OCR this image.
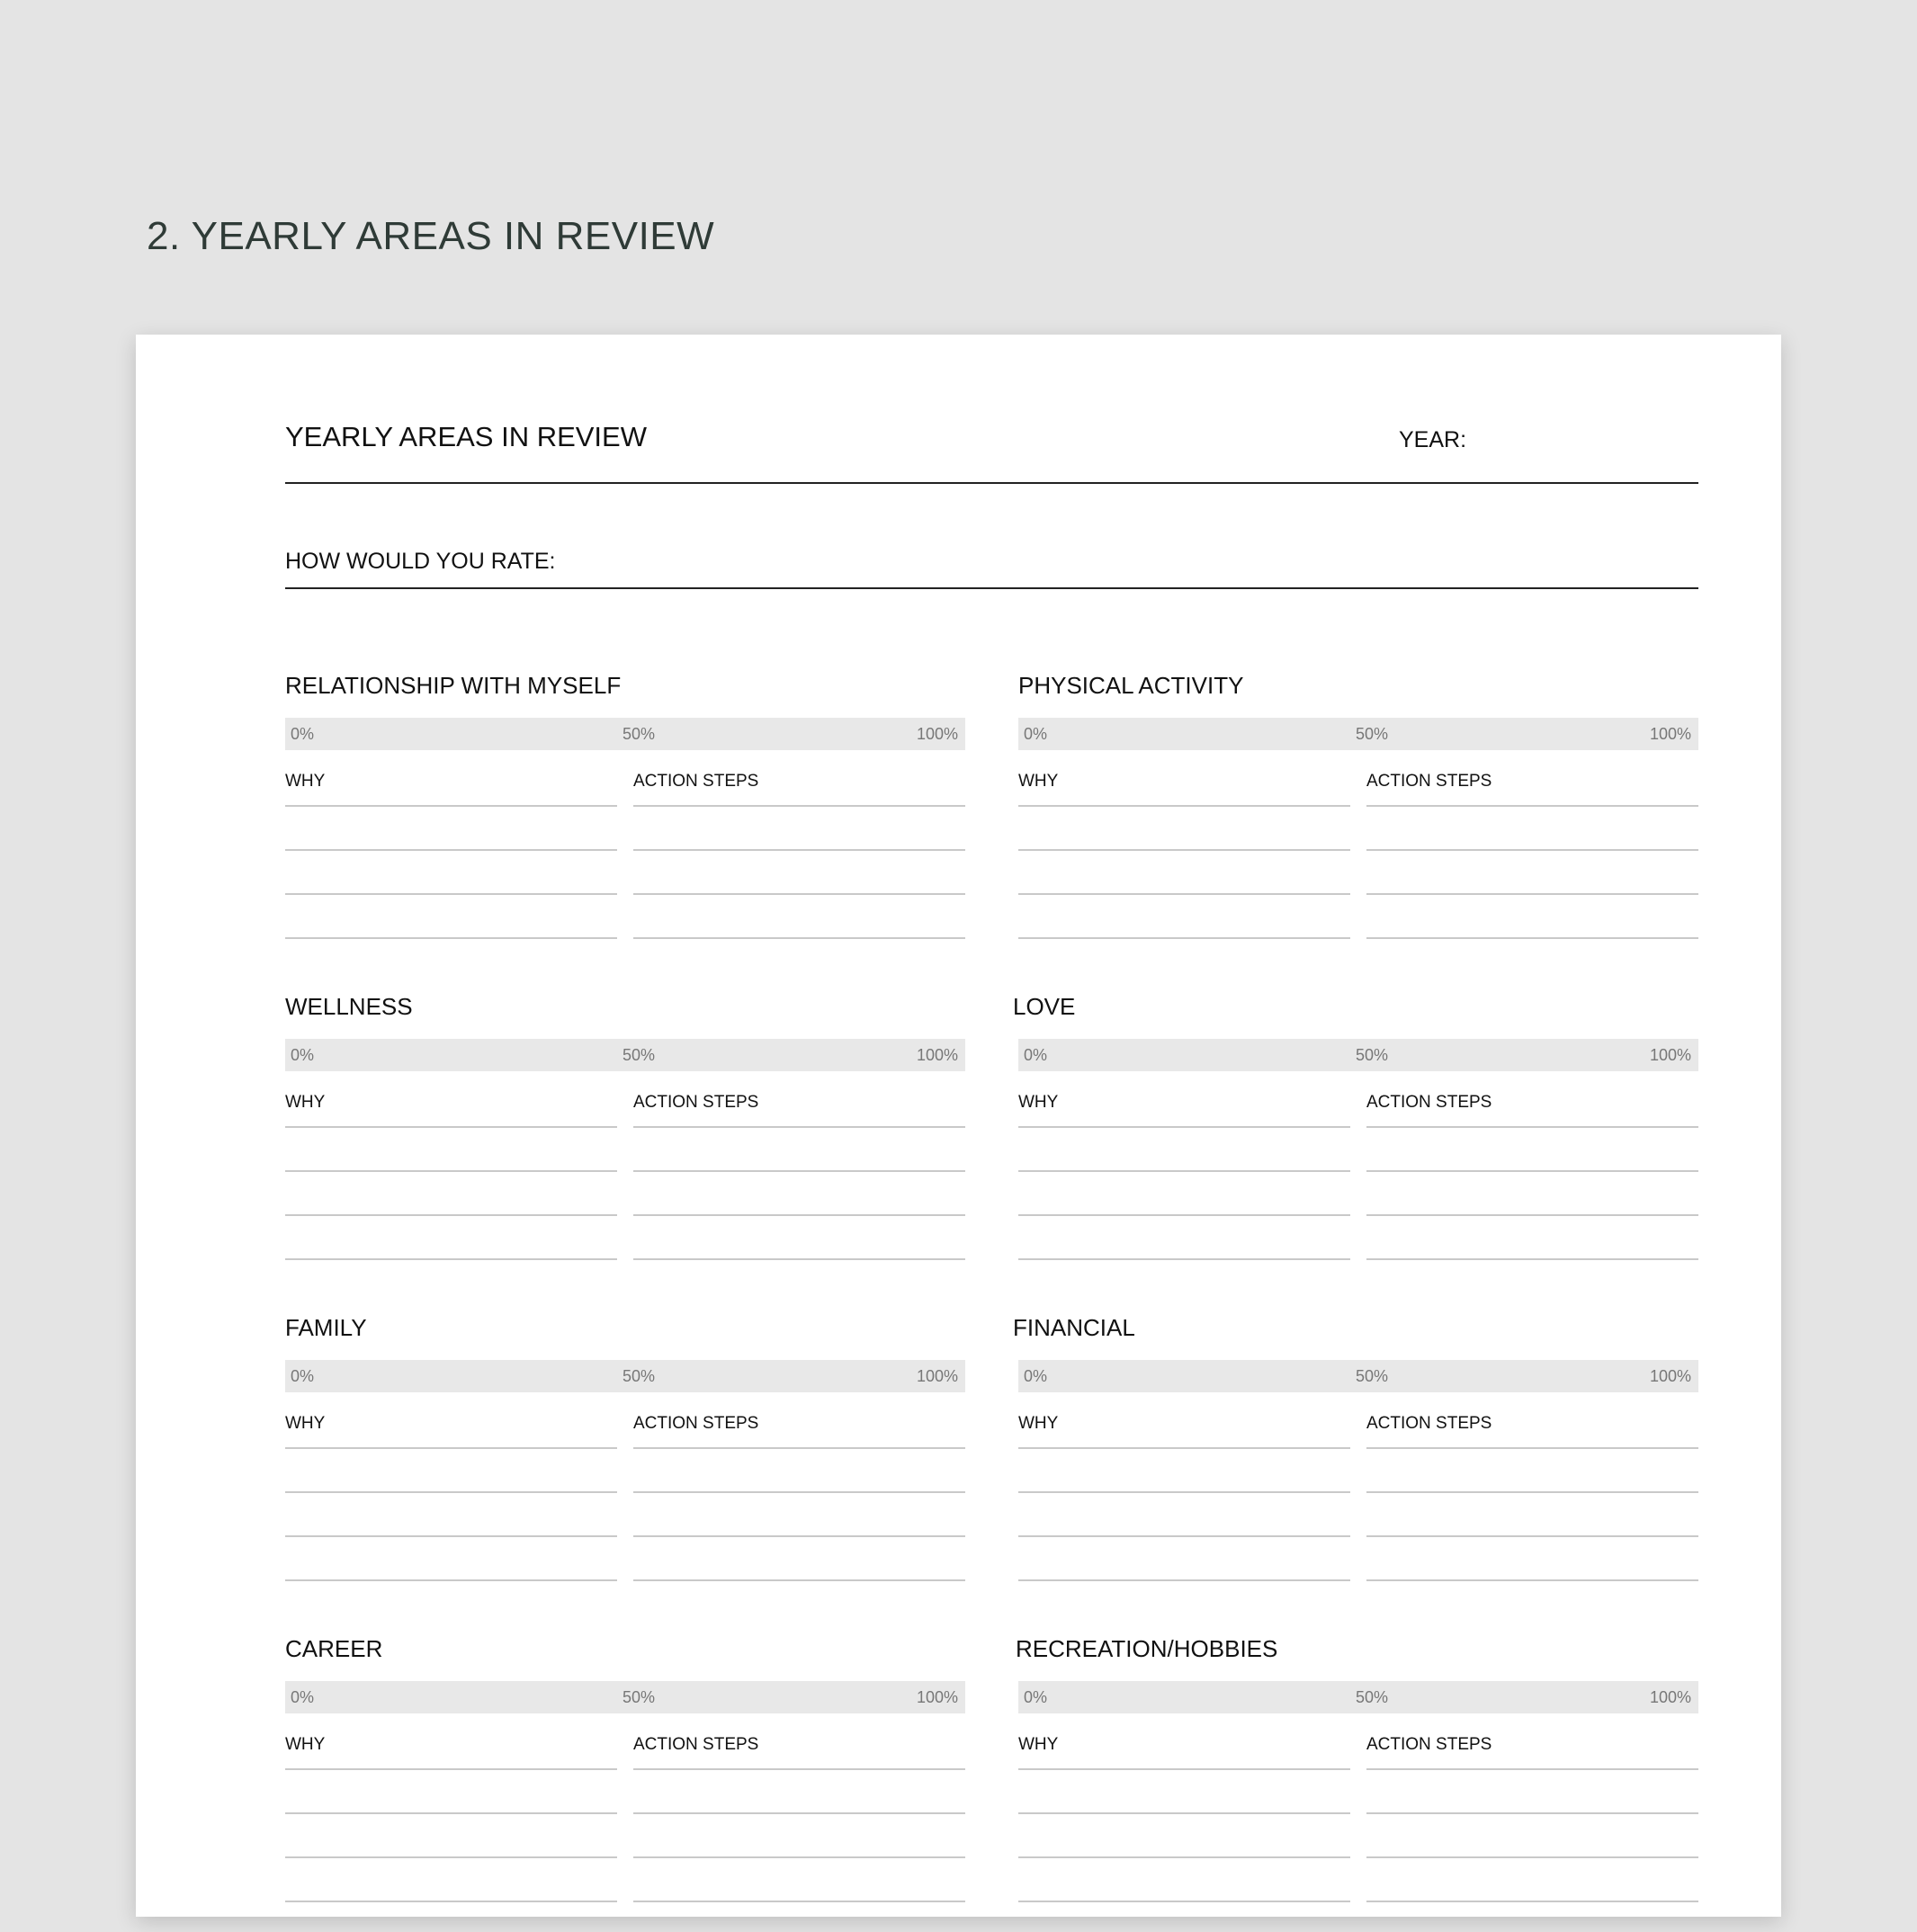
2. YEARLY AREAS IN REVIEW
YEARLY AREAS IN REVIEW	YEAR:
HOW WOULD YOU RATE:
RELATIONSHIP WITH MYSELF
0%	50%	100%
WHY	ACTION STEPS
PHYSICAL ACTIVITY
0%	50%	100%
WHY	ACTION STEPS
WELLNESS
0%	50%	100%
WHY	ACTION STEPS
LOVE
0%	50%	100%
WHY	ACTION STEPS
FAMILY
0%	50%	100%
WHY	ACTION STEPS
FINANCIAL
0%	50%	100%
WHY	ACTION STEPS
CAREER
0%	50%	100%
WHY	ACTION STEPS
RECREATION/HOBBIES
0%	50%	100%
WHY	ACTION STEPS
